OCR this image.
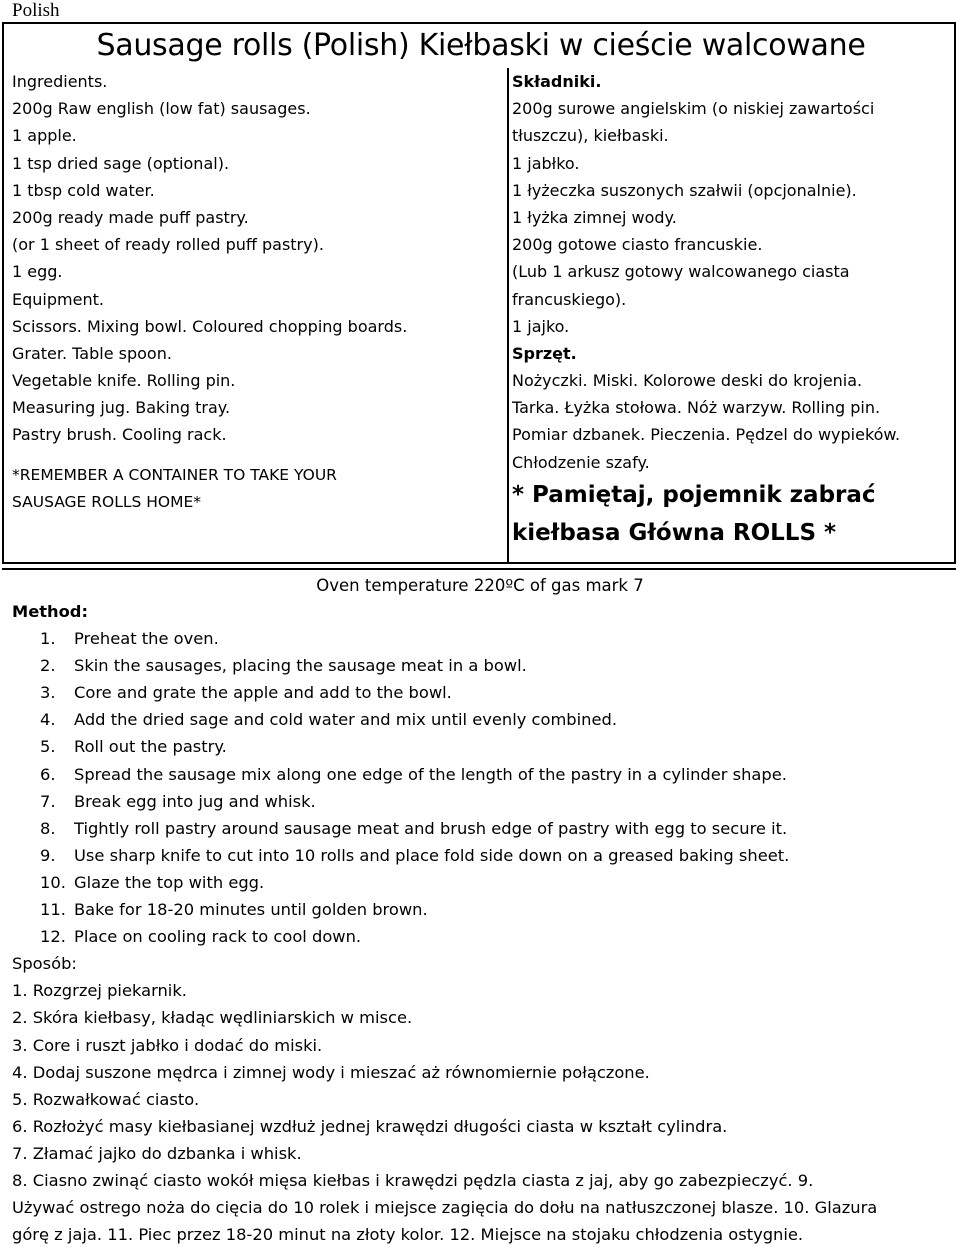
Polish
Sausage rolls (Polish) Kiełbaski w cieście walcowane
Ingredients.
200g Raw english (low fat) sausages.
1 apple.
1 tsp dried sage (optional).
1 tbsp cold water.
200g ready made puff pastry.
(or 1 sheet of ready rolled puff pastry).
1 egg.
Equipment.
Scissors. Mixing bowl. Coloured chopping boards.
Grater. Table spoon.
Vegetable knife. Rolling pin.
Measuring jug. Baking tray.
Pastry brush. Cooling rack.
*REMEMBER A CONTAINER TO TAKE YOUR
SAUSAGE ROLLS HOME*
Składniki.
200g surowe angielskim (o niskiej zawartości
tłuszczu), kiełbaski.
1 jabłko.
1 łyżeczka suszonych szałwii (opcjonalnie).
1 łyżka zimnej wody.
200g gotowe ciasto francuskie.
(Lub 1 arkusz gotowy walcowanego ciasta
francuskiego).
1 jajko.
Sprzęt.
Nożyczki. Miski. Kolorowe deski do krojenia.
Tarka. Łyżka stołowa. Nóż warzyw. Rolling pin.
Pomiar dzbanek. Pieczenia. Pędzel do wypieków.
Chłodzenie szafy.
* Pamiętaj, pojemnik zabrać
kiełbasa Główna ROLLS *
Oven temperature 220ºC of gas mark 7
Method:
1. Preheat the oven.
2. Skin the sausages, placing the sausage meat in a bowl.
3. Core and grate the apple and add to the bowl.
4. Add the dried sage and cold water and mix until evenly combined.
5. Roll out the pastry.
6. Spread the sausage mix along one edge of the length of the pastry in a cylinder shape.
7. Break egg into jug and whisk.
8. Tightly roll pastry around sausage meat and brush edge of pastry with egg to secure it.
9. Use sharp knife to cut into 10 rolls and place fold side down on a greased baking sheet.
10. Glaze the top with egg.
11. Bake for 18-20 minutes until golden brown.
12. Place on cooling rack to cool down.
Sposób:
1. Rozgrzej piekarnik.
2. Skóra kiełbasy, kładąc wędliniarskich w misce.
3. Core i ruszt jabłko i dodać do miski.
4. Dodaj suszone mędrca i zimnej wody i mieszać aż równomiernie połączone.
5. Rozwałkować ciasto.
6. Rozłożyć masy kiełbasianej wzdłuż jednej krawędzi długości ciasta w kształt cylindra.
7. Złamać jajko do dzbanka i whisk.
8. Ciasno zwinąć ciasto wokół mięsa kiełbas i krawędzi pędzla ciasta z jaj, aby go zabezpieczyć. 9.
Używać ostrego noża do cięcia do 10 rolek i miejsce zagięcia do dołu na natłuszczonej blasze. 10. Glazura
górę z jaja. 11. Piec przez 18-20 minut na złoty kolor. 12. Miejsce na stojaku chłodzenia ostygnie.
